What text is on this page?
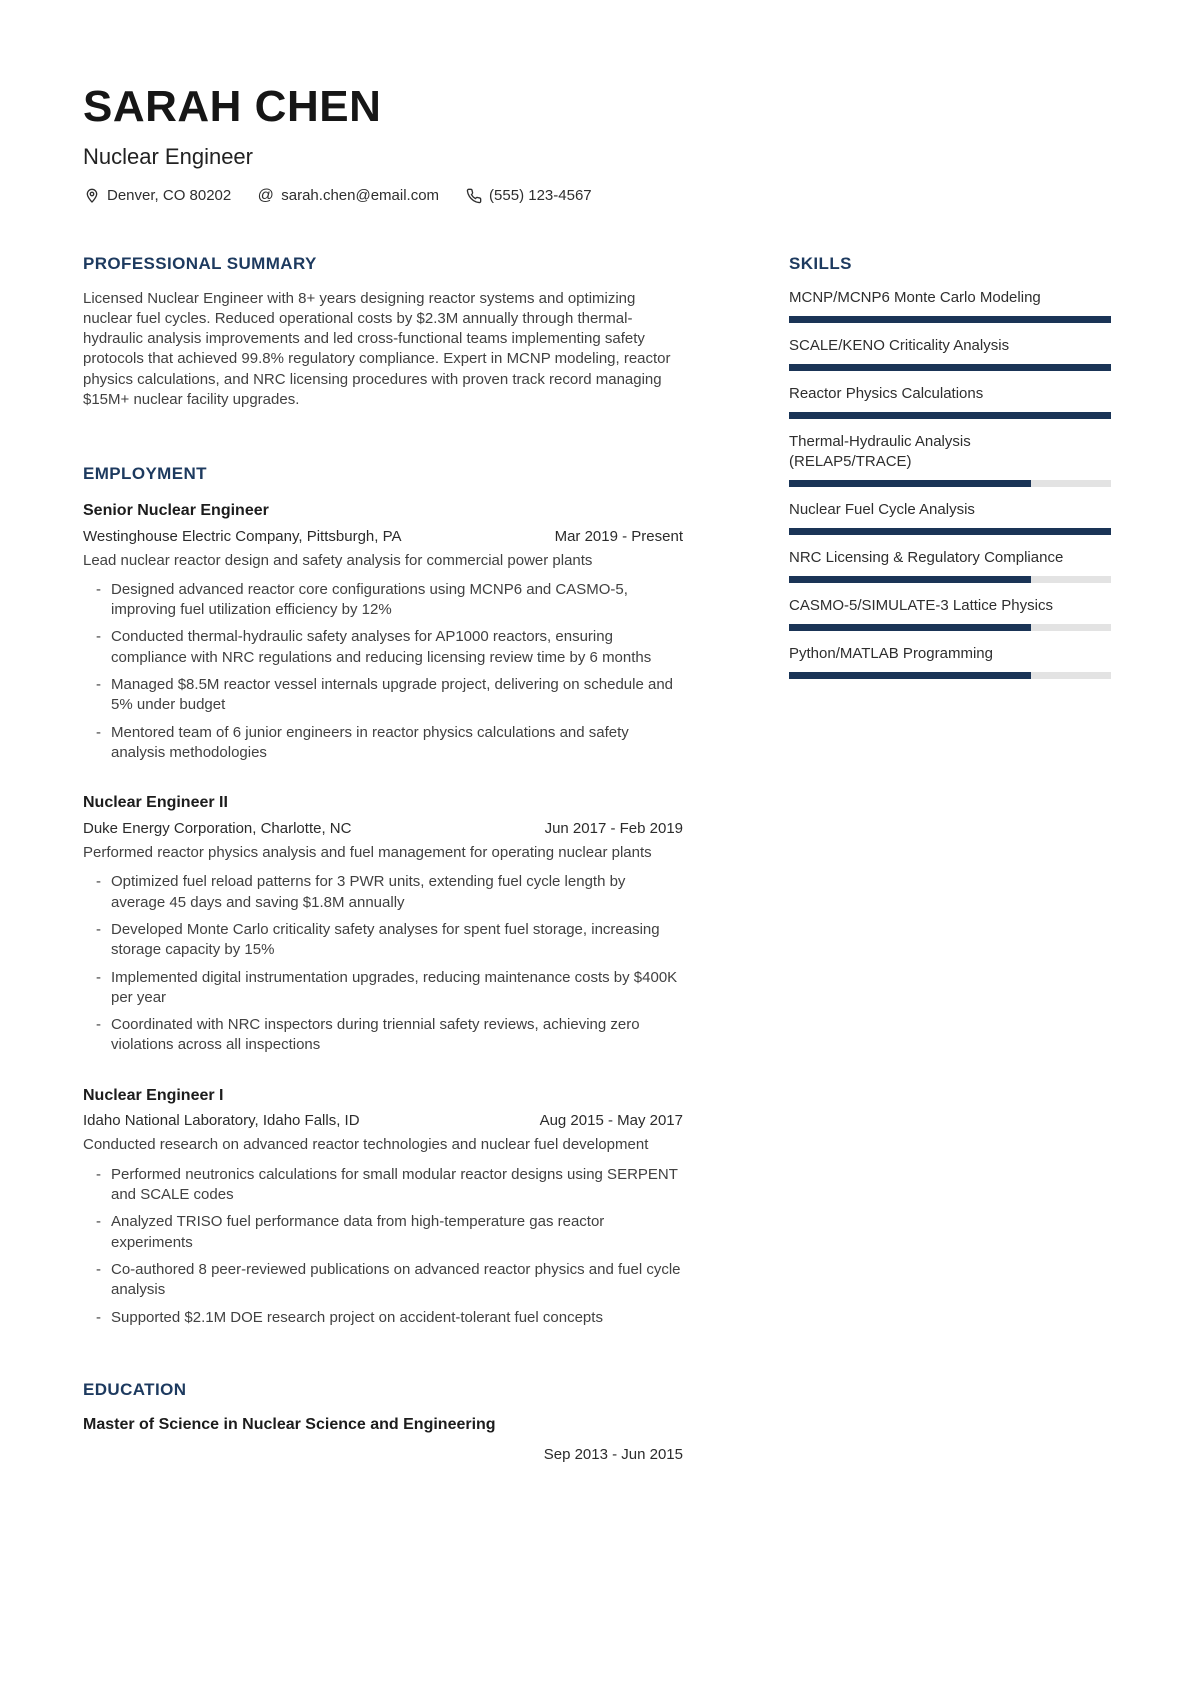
SARAH CHEN
Nuclear Engineer
Denver, CO 80202 @ sarah.chen@email.com	(555) 123-4567
PROFESSIONAL SUMMARY

Licensed Nuclear Engineer with 8+ years designing reactor systems and optimizing nuclear fuel cycles. Reduced operational costs by $2.3M annually through thermal-hydraulic analysis improvements and led cross-functional teams implementing safety protocols that achieved 99.8% regulatory compliance. Expert in MCNP modeling, reactor physics calculations, and NRC licensing procedures with proven track record managing $15M+ nuclear facility upgrades.

EMPLOYMENT
Senior Nuclear Engineer
Westinghouse Electric Company, Pittsburgh, PA	Mar 2019 - Present
Lead nuclear reactor design and safety analysis for commercial power plants
- Designed advanced reactor core configurations using MCNP6 and CASMO-5, improving fuel utilization efficiency by 12%
- Conducted thermal-hydraulic safety analyses for AP1000 reactors, ensuring compliance with NRC regulations and reducing licensing review time by 6 months
- Managed $8.5M reactor vessel internals upgrade project, delivering on schedule and 5% under budget
- Mentored team of 6 junior engineers in reactor physics calculations and safety analysis methodologies
Nuclear Engineer II
Duke Energy Corporation, Charlotte, NC	Jun 2017 - Feb 2019
Performed reactor physics analysis and fuel management for operating nuclear plants
- Optimized fuel reload patterns for 3 PWR units, extending fuel cycle length by average 45 days and saving $1.8M annually
- Developed Monte Carlo criticality safety analyses for spent fuel storage, increasing storage capacity by 15%
- Implemented digital instrumentation upgrades, reducing maintenance costs by $400K per year
- Coordinated with NRC inspectors during triennial safety reviews, achieving zero violations across all inspections
Nuclear Engineer I
Idaho National Laboratory, Idaho Falls, ID	Aug 2015 - May 2017
Conducted research on advanced reactor technologies and nuclear fuel development
- Performed neutronics calculations for small modular reactor designs using SERPENT and SCALE codes
- Analyzed TRISO fuel performance data from high-temperature gas reactor experiments
- Co-authored 8 peer-reviewed publications on advanced reactor physics and fuel cycle analysis
- Supported $2.1M DOE research project on accident-tolerant fuel concepts
EDUCATION
Master of Science in Nuclear Science and Engineering
Sep 2013 - Jun 2015
SKILLS
MCNP/MCNP6 Monte Carlo Modeling
SCALE/KENO Criticality Analysis
Reactor Physics Calculations
Thermal-Hydraulic Analysis (RELAP5/TRACE)
Nuclear Fuel Cycle Analysis
NRC Licensing & Regulatory Compliance
CASMO-5/SIMULATE-3 Lattice Physics
Python/MATLAB Programming
